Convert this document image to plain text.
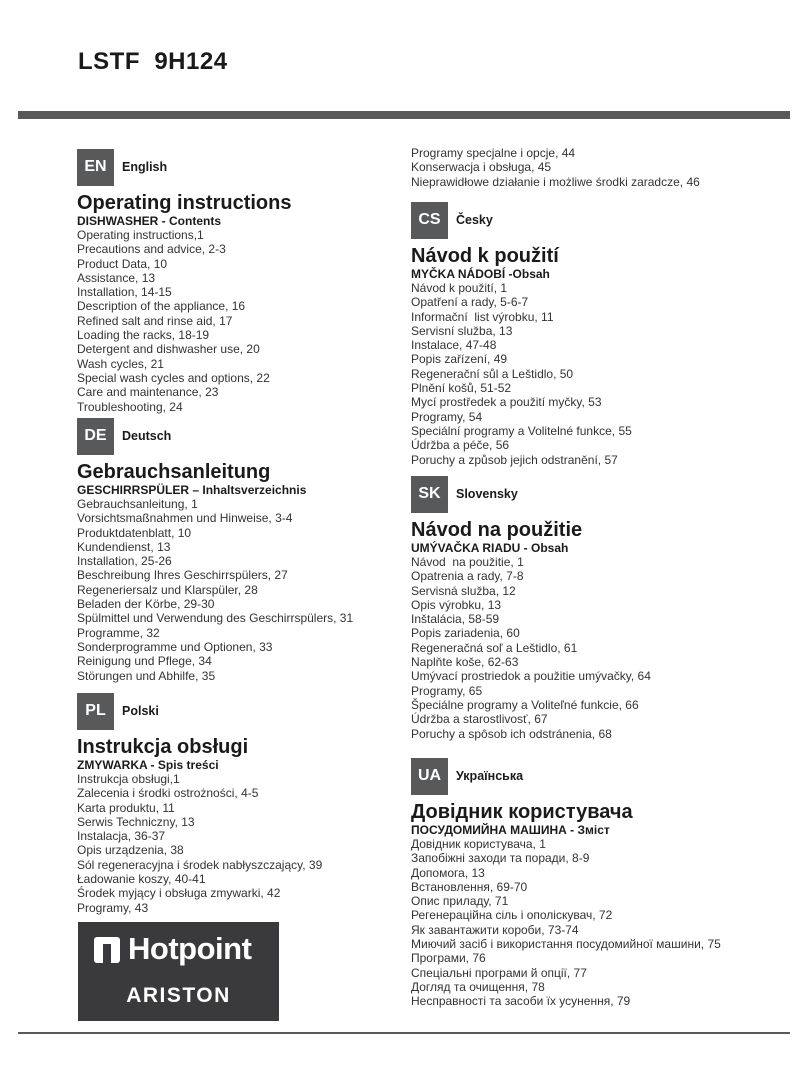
LSTF  9H124
EN	English
Operating instructions
DISHWASHER - Contents
Operating instructions,1
Precautions and advice, 2-3
Product Data, 10
Assistance, 13
Installation, 14-15
Description of the appliance, 16
Refined salt and rinse aid, 17
Loading the racks, 18-19
Detergent and dishwasher use, 20
Wash cycles, 21
Special wash cycles and options, 22
Care and maintenance, 23
Troubleshooting, 24
DE	Deutsch
Gebrauchsanleitung
GESCHIRRSPÜLER – Inhaltsverzeichnis
Gebrauchsanleitung, 1
Vorsichtsmaßnahmen und Hinweise, 3-4
Produktdatenblatt, 10
Kundendienst, 13
Installation, 25-26
Beschreibung Ihres Geschirrspülers, 27
Regeneriersalz und Klarspüler, 28
Beladen der Körbe, 29-30
Spülmittel und Verwendung des Geschirrspülers, 31
Programme, 32
Sonderprogramme und Optionen, 33
Reinigung und Pflege, 34
Störungen und Abhilfe, 35
PL	Polski
Instrukcja obsługi
ZMYWARKA - Spis treści
Instrukcja obsługi,1
Zalecenia i środki ostrożności, 4-5
Karta produktu, 11
Serwis Techniczny, 13
Instalacja, 36-37
Opis urządzenia, 38
Sól regeneracyjna i środek nabłyszczający, 39
Ładowanie koszy, 40-41
Środek myjący i obsługa zmywarki, 42
Programy, 43
Programy specjalne i opcje, 44
Konserwacja i obsługa, 45
Nieprawidłowe działanie i możliwe środki zaradcze, 46
CS	Česky
Návod k použití
MYČKA NÁDOBÍ -Obsah
Návod k použití, 1
Opatření a rady, 5-6-7
Informační  list výrobku, 11
Servisní služba, 13
Instalace, 47-48
Popis zařízení, 49
Regenerační sůl a Leštidlo, 50
Plnění košů, 51-52
Mycí prostředek a použití myčky, 53
Programy, 54
Speciální programy a Volitelné funkce, 55
Údržba a péče, 56
Poruchy a způsob jejich odstranění, 57
SK	Slovensky
Návod na použitie
UMÝVAČKA RIADU - Obsah
Návod  na použitie, 1
Opatrenia a rady, 7-8
Servisná služba, 12
Opis výrobku, 13
Inštalácia, 58-59
Popis zariadenia, 60
Regeneračná soľ a Leštidlo, 61
Naplňte koše, 62-63
Umývací prostriedok a použitie umývačky, 64
Programy, 65
Špeciálne programy a Voliteľné funkcie, 66
Údržba a starostlivosť, 67
Poruchy a spôsob ich odstránenia, 68
UA	Українська
Довідник користувача
ПОСУДОМИЙНА МАШИНА - Зміст
Довідник користувача, 1
Запобіжні заходи та поради, 8-9
Допомога, 13
Встановлення, 69-70
Опис приладу, 71
Регенераційна сіль і ополіскувач, 72
Як завантажити короби, 73-74
Миючий засіб і використання посудомийної машини, 75
Програми, 76
Спеціальні програми й опції, 77
Догляд та очищення, 78
Несправності та засоби їх усунення, 79
Hotpoint
ARISTON
